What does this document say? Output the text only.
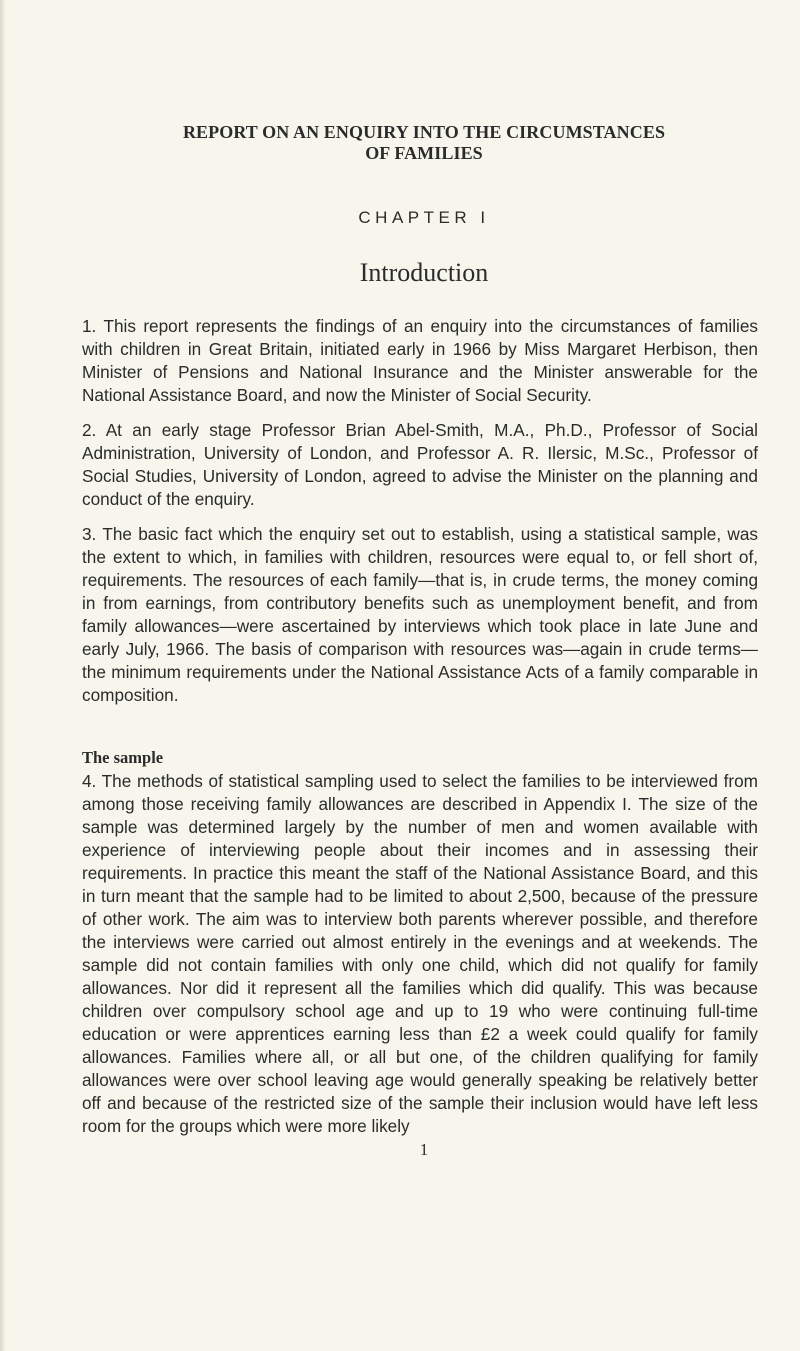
REPORT ON AN ENQUIRY INTO THE CIRCUMSTANCES
OF FAMILIES
CHAPTER I
Introduction

1. This report represents the findings of an enquiry into the circumstances of families with children in Great Britain, initiated early in 1966 by Miss Margaret Herbison, then Minister of Pensions and National Insurance and the Minister answerable for the National Assistance Board, and now the Minister of Social Security.

2. At an early stage Professor Brian Abel-Smith, M.A., Ph.D., Professor of Social Administration, University of London, and Professor A. R. Ilersic, M.Sc., Professor of Social Studies, University of London, agreed to advise the Minister on the planning and conduct of the enquiry.

3. The basic fact which the enquiry set out to establish, using a statistical sample, was the extent to which, in families with children, resources were equal to, or fell short of, requirements. The resources of each family—that is, in crude terms, the money coming in from earnings, from contributory benefits such as unemployment benefit, and from family allowances—were ascertained by interviews which took place in late June and early July, 1966. The basis of comparison with resources was—again in crude terms—the minimum requirements under the National Assistance Acts of a family comparable in composition.

The sample

4. The methods of statistical sampling used to select the families to be interviewed from among those receiving family allowances are described in Appendix I. The size of the sample was determined largely by the number of men and women available with experience of interviewing people about their incomes and in assessing their requirements. In practice this meant the staff of the National Assistance Board, and this in turn meant that the sample had to be limited to about 2,500, because of the pressure of other work. The aim was to interview both parents wherever possible, and therefore the interviews were carried out almost entirely in the evenings and at weekends. The sample did not contain families with only one child, which did not qualify for family allowances. Nor did it represent all the families which did qualify. This was because children over compulsory school age and up to 19 who were continuing full-time education or were apprentices earning less than £2 a week could qualify for family allowances. Families where all, or all but one, of the children qualifying for family allowances were over school leaving age would generally speaking be relatively better off and because of the restricted size of the sample their inclusion would have left less room for the groups which were more likely

1
